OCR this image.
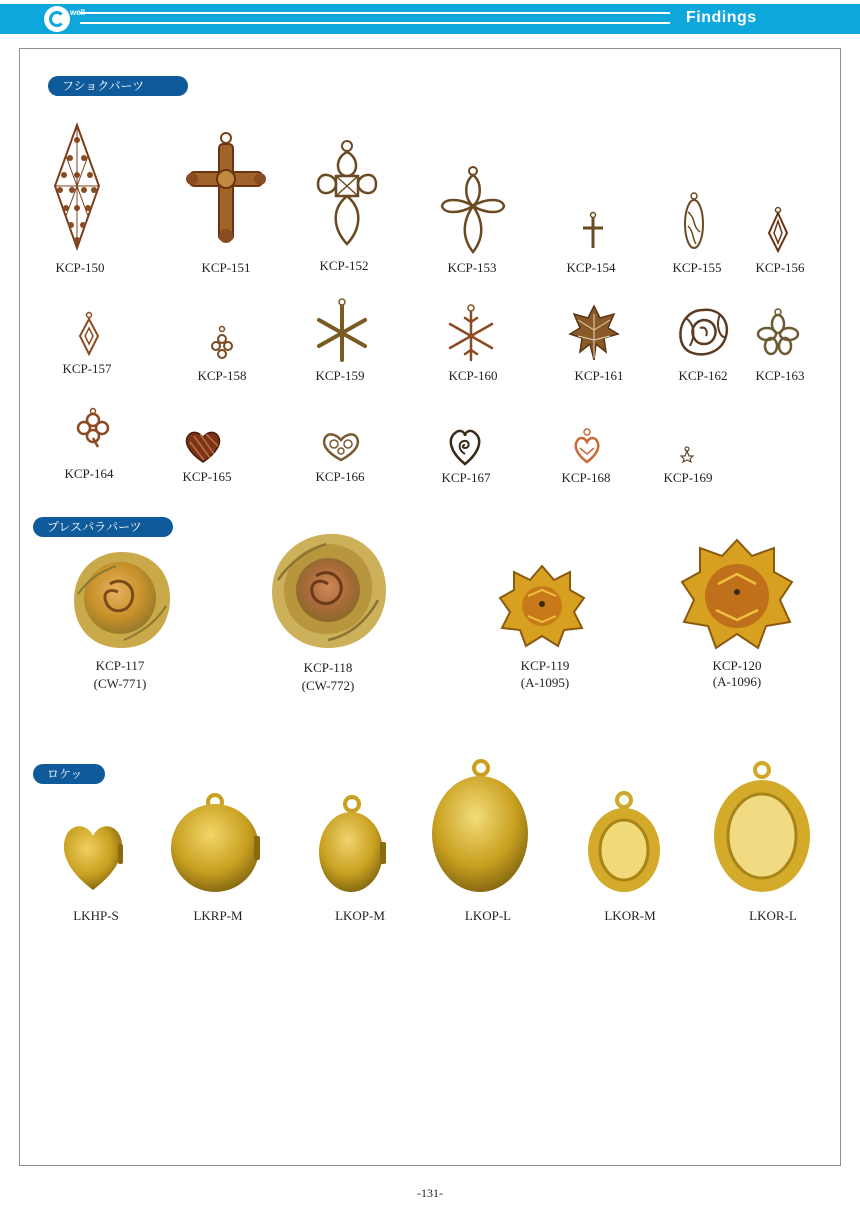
well	Findings
フショクパーツ
プレスパラパーツ
ロケット
KCP-150	KCP-151	KCP-152	KCP-153	KCP-154	KCP-155	KCP-156
KCP-157	KCP-158	KCP-159	KCP-160	KCP-161	KCP-162 KCP-163
KCP-164	KCP-165	KCP-166	KCP-167	KCP-168	KCP-169
KCP-117
(CW-771)
KCP-118
(CW-772)
KCP-119
(A-1095)
KCP-120
(A-1096)
LKHP-S	LKRP-M	LKOP-M	LKOP-L	LKOR-M	LKOR-L
-131-
